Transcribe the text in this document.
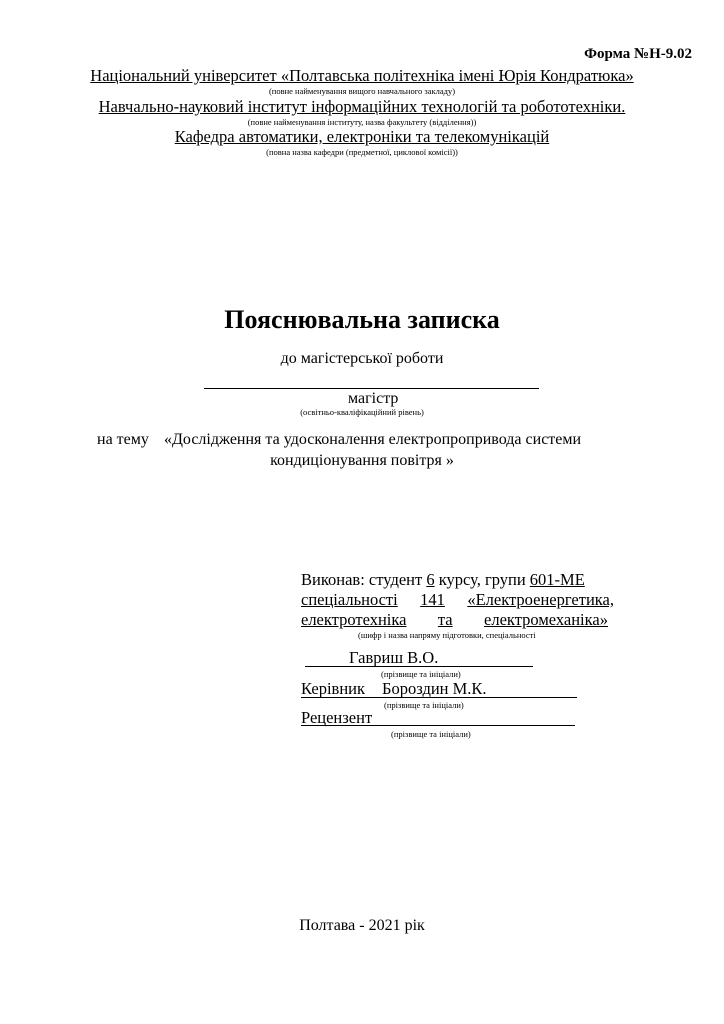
Форма №Н-9.02
Національний університет «Полтавська політехніка імені Юрія Кондратюка»
(повне найменування вищого навчального закладу)
Навчально-науковий інститут інформаційних технологій та робототехніки.
(повне найменування інституту, назва факультету (відділення))
Кафедра автоматики, електроніки та телекомунікацій
(повна назва кафедри (предметної, циклової комісії))
Пояснювальна записка
до магістерської роботи
магістр
(освітньо-кваліфікаційний рівень)
на тему «Дослідження та удосконалення електропропривода системи
кондиціонування повітря »
Виконав: студент 6 курсу, групи 601-МЕ
спеціальності 141 «Електроенергетика,
електротехніка та електромеханіка»
(шифр і назва напряму підготовки, спеціальності
Гавриш В.О.
(прізвище та ініціали)
Керівник Бороздин М.К.
(прізвище та ініціали)
Рецензент
(прізвище та ініціали)
Полтава - 2021 рік
